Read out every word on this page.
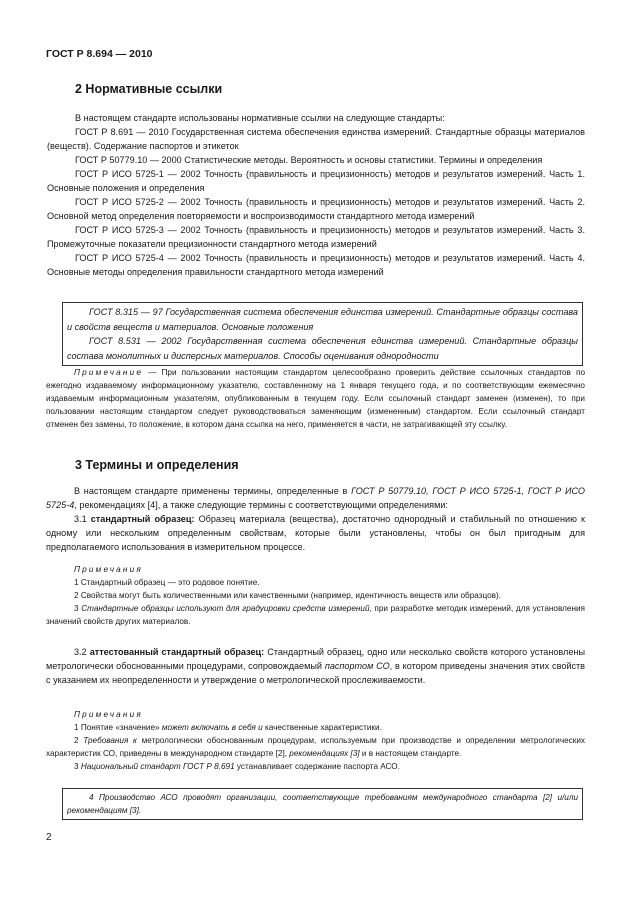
ГОСТ Р 8.694 — 2010
2 Нормативные ссылки

В настоящем стандарте использованы нормативные ссылки на следующие стандарты:

ГОСТ Р 8.691 — 2010 Государственная система обеспечения единства измерений. Стандартные образцы материалов (веществ). Содержание паспортов и этикеток

ГОСТ Р 50779.10 — 2000 Статистические методы. Вероятность и основы статистики. Термины и определения

ГОСТ Р ИСО 5725-1 — 2002 Точность (правильность и прецизионность) методов и результатов измерений. Часть 1. Основные положения и определения

ГОСТ Р ИСО 5725-2 — 2002 Точность (правильность и прецизионность) методов и результатов измерений. Часть 2. Основной метод определения повторяемости и воспроизводимости стандартного метода измерений

ГОСТ Р ИСО 5725-3 — 2002 Точность (правильность и прецизионность) методов и результатов измерений. Часть 3. Промежуточные показатели прецизионности стандартного метода измерений

ГОСТ Р ИСО 5725-4 — 2002 Точность (правильность и прецизионность) методов и результатов измерений. Часть 4. Основные методы определения правильности стандартного метода измерений

ГОСТ 8.315 — 97 Государственная система обеспечения единства измерений. Стандартные образцы состава и свойств веществ и материалов. Основные положения

ГОСТ 8.531 — 2002 Государственная система обеспечения единства измерений. Стандартные образцы состава монолитных и дисперсных материалов. Способы оценивания однородности

Примечание — При пользовании настоящим стандартом целесообразно проверить действие ссылочных стандартов по ежегодно издаваемому информационному указателю, составленному на 1 января текущего года, и по соответствующим ежемесячно издаваемым информационным указателям, опубликованным в текущем году. Если ссылочный стандарт заменен (изменен), то при пользовании настоящим стандартом следует руководствоваться заменяющим (измененным) стандартом. Если ссылочный стандарт отменен без замены, то положение, в котором дана ссылка на него, применяется в части, не затрагивающей эту ссылку.

3 Термины и определения

В настоящем стандарте применены термины, определенные в ГОСТ Р 50779.10, ГОСТ Р ИСО 5725-1, ГОСТ Р ИСО 5725-4, рекомендациях [4], а также следующие термины с соответствующими определениями:

3.1 стандартный образец: Образец материала (вещества), достаточно однородный и стабильный по отношению к одному или нескольким определенным свойствам, которые были установлены, чтобы он был пригодным для предполагаемого использования в измерительном процессе.

Примечания

1 Стандартный образец — это родовое понятие.

2 Свойства могут быть количественными или качественными (например, идентичность веществ или образцов).

3 Стандартные образцы используют для градуировки средств измерений, при разработке методик измерений, для установления значений свойств других материалов.

3.2 аттестованный стандартный образец: Стандартный образец, одно или несколько свойств которого установлены метрологически обоснованными процедурами, сопровождаемый паспортом СО, в котором приведены значения этих свойств с указанием их неопределенности и утверждение о метрологической прослеживаемости.

Примечания

1 Понятие «значение» может включать в себя и качественные характеристики.

2 Требования к метрологически обоснованным процедурам, используемым при производстве и определении метрологических характеристик СО, приведены в международном стандарте [2], рекомендациях [3] и в настоящем стандарте.

3 Национальный стандарт ГОСТ Р 8.691 устанавливает содержание паспорта АСО.

4 Производство АСО проводят организации, соответствующие требованиям международного стандарта [2] и/или рекомендациям [3].

2
